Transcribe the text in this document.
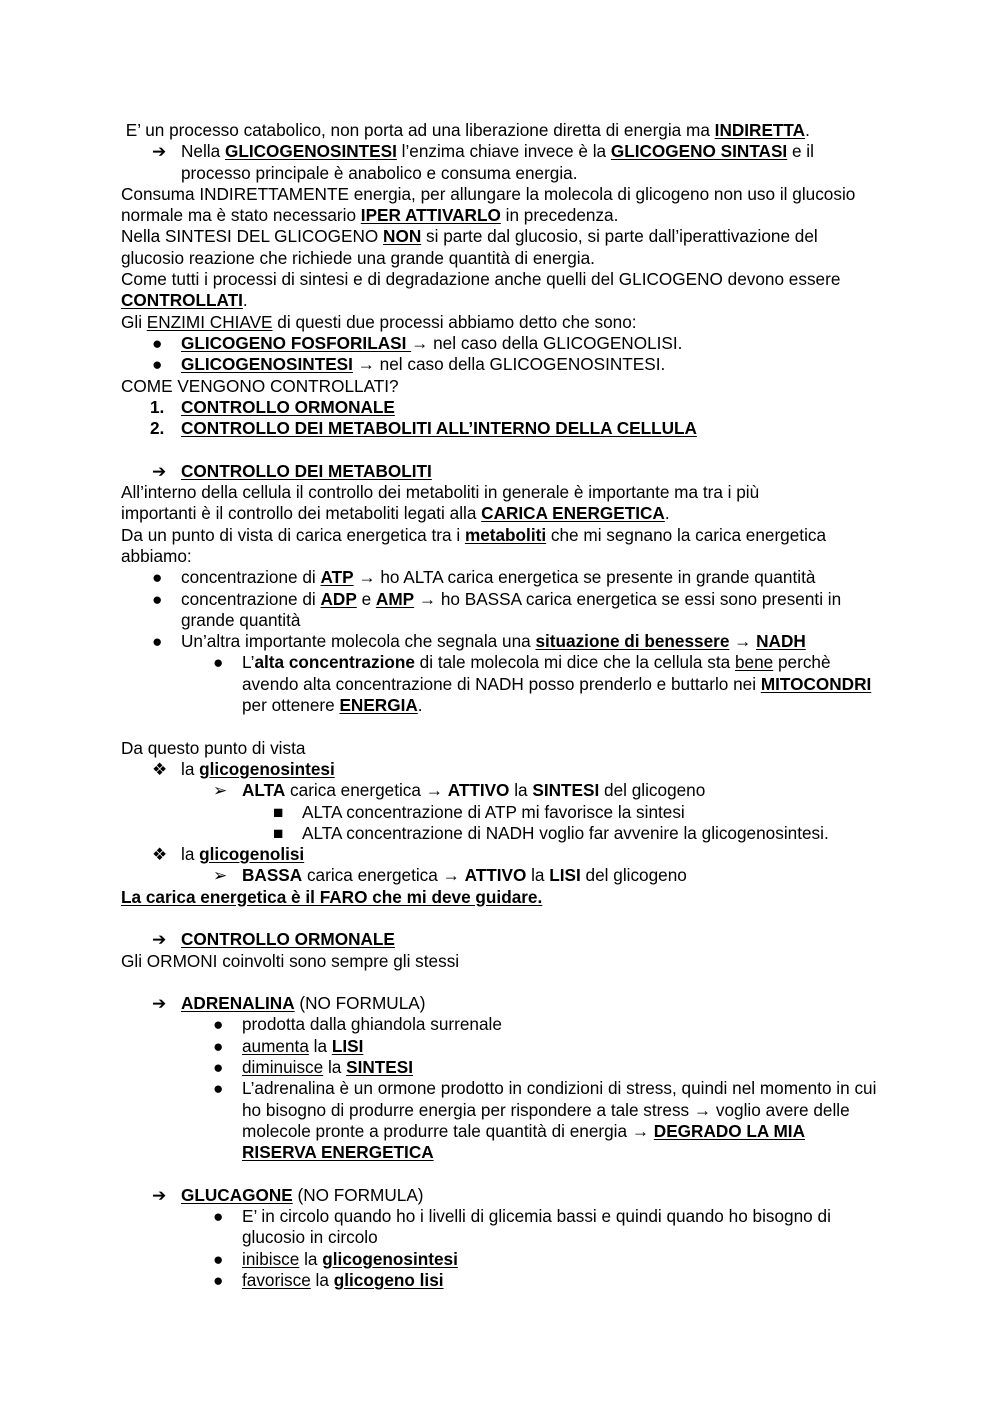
E’ un processo catabolico, non porta ad una liberazione diretta di energia ma INDIRETTA.

➔ Nella GLICOGENOSINTESI l’enzima chiave invece è la GLICOGENO SINTASI e il processo principale è anabolico e consuma energia.

Consuma INDIRETTAMENTE energia, per allungare la molecola di glicogeno non uso il glucosio normale ma è stato necessario IPER ATTIVARLO in precedenza.

Nella SINTESI DEL GLICOGENO NON si parte dal glucosio, si parte dall’iperattivazione del glucosio reazione che richiede una grande quantità di energia.

Come tutti i processi di sintesi e di degradazione anche quelli del GLICOGENO devono essere CONTROLLATI.

Gli ENZIMI CHIAVE di questi due processi abbiamo detto che sono:

● GLICOGENO FOSFORILASI → nel caso della GLICOGENOLISI.
● GLICOGENOSINTESI → nel caso della GLICOGENOSINTESI.

COME VENGONO CONTROLLATI?

1. CONTROLLO ORMONALE
2. CONTROLLO DEI METABOLITI ALL’INTERNO DELLA CELLULA
➔ CONTROLLO DEI METABOLITI

All’interno della cellula il controllo dei metaboliti in generale è importante ma tra i più importanti è il controllo dei metaboliti legati alla CARICA ENERGETICA.

Da un punto di vista di carica energetica tra i metaboliti che mi segnano la carica energetica abbiamo:

● concentrazione di ATP → ho ALTA carica energetica se presente in grande quantità
● concentrazione di ADP e AMP → ho BASSA carica energetica se essi sono presenti in grande quantità
● Un’altra importante molecola che segnala una situazione di benessere → NADH
● L’alta concentrazione di tale molecola mi dice che la cellula sta bene perchè avendo alta concentrazione di NADH posso prenderlo e buttarlo nei MITOCONDRI per ottenere ENERGIA.

Da questo punto di vista

❖ la glicogenosintesi
➢ ALTA carica energetica → ATTIVO la SINTESI del glicogeno
■ ALTA concentrazione di ATP mi favorisce la sintesi
■ ALTA concentrazione di NADH voglio far avvenire la glicogenosintesi.
❖ la glicogenolisi
➢ BASSA carica energetica → ATTIVO la LISI del glicogeno

La carica energetica è il FARO che mi deve guidare.

➔ CONTROLLO ORMONALE

Gli ORMONI coinvolti sono sempre gli stessi

➔ ADRENALINA (NO FORMULA)
● prodotta dalla ghiandola surrenale
● aumenta la LISI
● diminuisce la SINTESI
● L’adrenalina è un ormone prodotto in condizioni di stress, quindi nel momento in cui ho bisogno di produrre energia per rispondere a tale stress → voglio avere delle molecole pronte a produrre tale quantità di energia → DEGRADO LA MIA RISERVA ENERGETICA
➔ GLUCAGONE (NO FORMULA)
● E’ in circolo quando ho i livelli di glicemia bassi e quindi quando ho bisogno di glucosio in circolo
● inibisce la glicogenosintesi
● favorisce la glicogeno lisi
